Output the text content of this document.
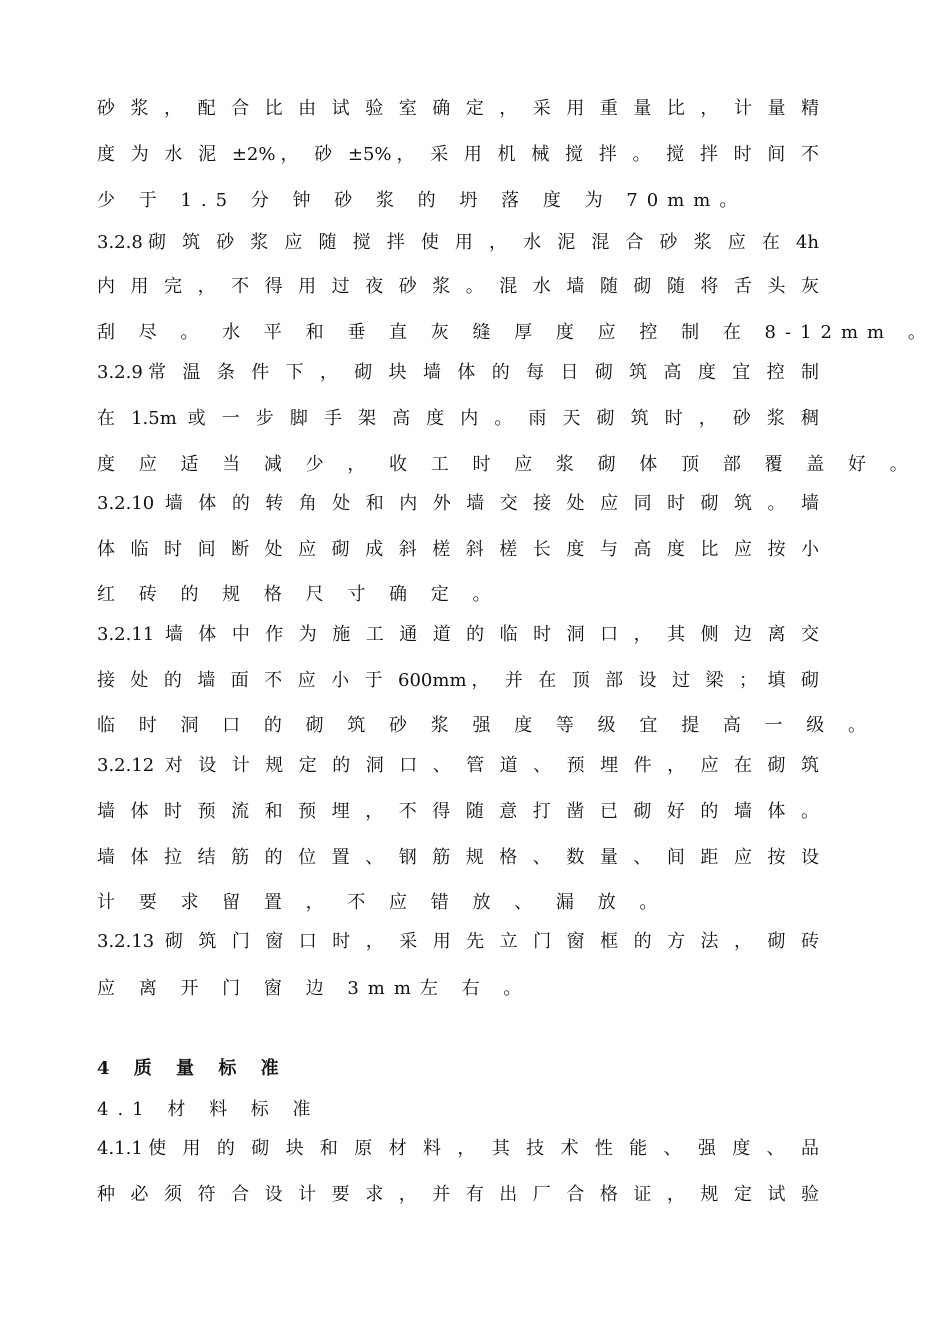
砂 浆 ， 配 合 比 由 试 验 室 确 定 ， 采 用 重 量 比 ， 计 量 精
度 为 水 泥 ±2%， 砂 ±5%， 采 用 机 械 搅 拌 。 搅 拌 时 间 不
少 于 1.5 分 钟 砂 浆 的 坍 落 度 为 70mm。
3.2.8砌 筑 砂 浆 应 随 搅 拌 使 用 ， 水 泥 混 合 砂 浆 应 在 4h
内 用 完 ， 不 得 用 过 夜 砂 浆 。 混 水 墙 随 砌 随 将 舌 头 灰
刮 尽 。 水 平 和 垂 直 灰 缝 厚 度 应 控 制 在 8-12mm 。
3.2.9常 温 条 件 下 ， 砌 块 墙 体 的 每 日 砌 筑 高 度 宜 控 制
在 1.5m 或 一 步 脚 手 架 高 度 内 。 雨 天 砌 筑 时 ， 砂 浆 稠
度 应 适 当 减 少 ， 收 工 时 应 浆 砌 体 顶 部 覆 盖 好 。
3.2.10 墙 体 的 转 角 处 和 内 外 墙 交 接 处 应 同 时 砌 筑 。 墙
体 临 时 间 断 处 应 砌 成 斜 槎 斜 槎 长 度 与 高 度 比 应 按 小
红 砖 的 规 格 尺 寸 确 定 。
3.2.11 墙 体 中 作 为 施 工 通 道 的 临 时 洞 口 ， 其 侧 边 离 交
接 处 的 墙 面 不 应 小 于 600mm， 并 在 顶 部 设 过 梁 ； 填 砌
临 时 洞 口 的 砌 筑 砂 浆 强 度 等 级 宜 提 高 一 级 。
3.2.12 对 设 计 规 定 的 洞 口 、 管 道 、 预 埋 件 ， 应 在 砌 筑
墙 体 时 预 流 和 预 埋 ， 不 得 随 意 打 凿 已 砌 好 的 墙 体 。
墙 体 拉 结 筋 的 位 置 、 钢 筋 规 格 、 数 量 、 间 距 应 按 设
计 要 求 留 置 ， 不 应 错 放 、 漏 放 。
3.2.13 砌 筑 门 窗 口 时 ， 采 用 先 立 门 窗 框 的 方 法 ， 砌 砖
应 离 开 门 窗 边 3mm左 右 。
4 质 量 标 准
4.1 材 料 标 准
4.1.1使 用 的 砌 块 和 原 材 料 ， 其 技 术 性 能 、 强 度 、 品
种 必 须 符 合 设 计 要 求 ， 并 有 出 厂 合 格 证 ， 规 定 试 验
